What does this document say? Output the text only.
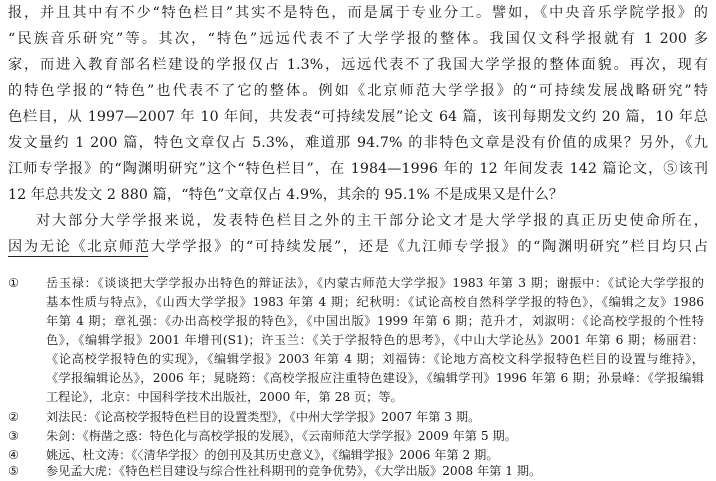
报，并且其中有不少“特色栏目”其实不是特色，而是属于专业分工。譬如，《中央音乐学院学报》的
“民族音乐研究”等。其次，“特色”远远代表不了大学学报的整体。我国仅文科学报就有 1 200 多
家，而进入教育部名栏建设的学报仅占 1.3%，远远代表不了我国大学学报的整体面貌。再次，现有
的特色学报的“特色”也代表不了它的整体。例如《北京师范大学学报》的“可持续发展战略研究”特
色栏目，从 1997—2007 年 10 年间，共发表“可持续发展”论文 64 篇，该刊每期发文约 20 篇，10 年总
发文量约 1 200 篇，特色文章仅占 5.3%，难道那 94.7% 的非特色文章是没有价值的成果？另外，《九
江师专学报》的“陶渊明研究”这个“特色栏目”，在 1984—1996 年的 12 年间发表 142 篇论文，⑤该刊
12 年总共发文 2 880 篇，“特色”文章仅占 4.9%，其余的 95.1% 不是成果又是什么？
对大部分大学学报来说，发表特色栏目之外的主干部分论文才是大学学报的真正历史使命所在，
因为无论《北京师范大学学报》的“可持续发展”，还是《九江师专学报》的“陶渊明研究”栏目均只占
①	岳玉禄：《谈谈把大学学报办出特色的辩证法》，《内蒙古师范大学学报》1983 年第 3 期；谢振中：《试论大学学报的
基本性质与特点》，《山西大学学报》1983 年第 4 期；纪秋明：《试论高校自然科学学报的特色》，《编辑之友》1986
年第 4 期；章礼强：《办出高校学报的特色》，《中国出版》1999 年第 6 期；范升才，刘淑明：《论高校学报的个性特
色》，《编辑学报》2001 年增刊(S1)；许玉兰：《关于学报特色的思考》，《中山大学论丛》2001 年第 6 期；杨丽君：
《论高校学报特色的实现》，《编辑学报》2003 年第 4 期；刘福铸：《论地方高校文科学报特色栏目的设置与维持》，
《学报编辑论丛》，2006 年；晁晓筠：《高校学报应注重特色建设》，《编辑学刊》1996 年第 6 期；孙景峰：《学报编辑
工程论》，北京：中国科学技术出版社，2000 年，第 28 页；等。
②	刘法民：《论高校学报特色栏目的设置类型》，《中州大学学报》2007 年第 3 期。
③	朱剑：《栴凿之惑：特色化与高校学报的发展》，《云南师范大学学报》2009 年第 5 期。
④	姚远、杜文涛：《〈清华学报〉的创刊及其历史意义》，《编辑学报》2006 年第 2 期。
⑤	参见孟大虎：《特色栏目建设与综合性社科期刊的竞争优势》，《大学出版》2008 年第 1 期。
